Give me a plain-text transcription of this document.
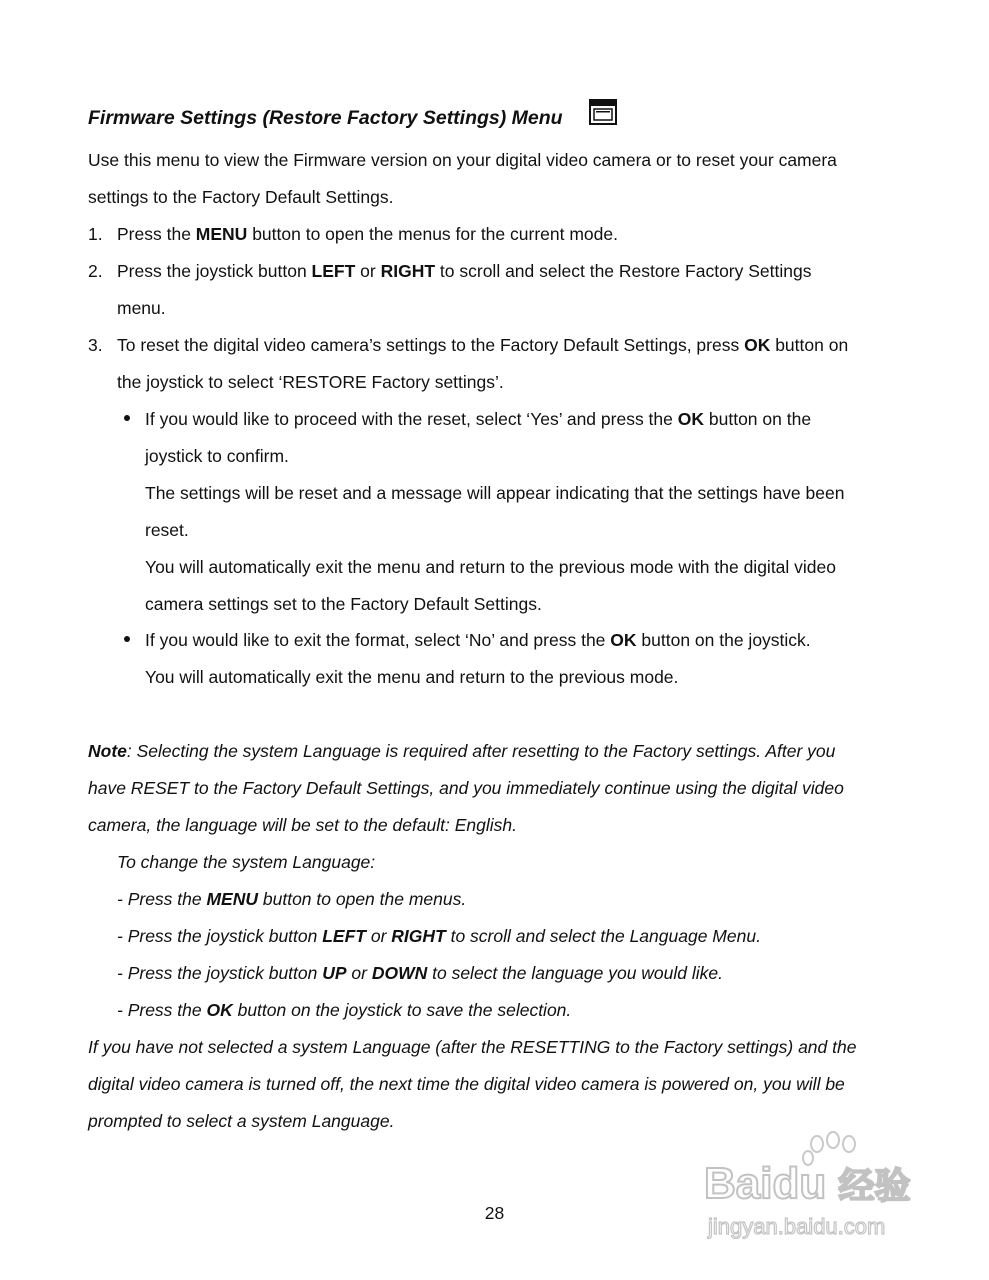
Firmware Settings (Restore Factory Settings) Menu
Use this menu to view the Firmware version on your digital video camera or to reset your camera
settings to the Factory Default Settings.
1. Press the MENU button to open the menus for the current mode.
2. Press the joystick button LEFT or RIGHT to scroll and select the Restore Factory Settings
menu.
3. To reset the digital video camera’s settings to the Factory Default Settings, press OK button on
the joystick to select ‘RESTORE Factory settings’.
If you would like to proceed with the reset, select ‘Yes’ and press the OK button on the
joystick to confirm.
The settings will be reset and a message will appear indicating that the settings have been
reset.
You will automatically exit the menu and return to the previous mode with the digital video
camera settings set to the Factory Default Settings.
If you would like to exit the format, select ‘No’ and press the OK button on the joystick.
You will automatically exit the menu and return to the previous mode.
Note: Selecting the system Language is required after resetting to the Factory settings. After you
have RESET to the Factory Default Settings, and you immediately continue using the digital video
camera, the language will be set to the default: English.
To change the system Language:
- Press the MENU button to open the menus.
- Press the joystick button LEFT or RIGHT to scroll and select the Language Menu.
- Press the joystick button UP or DOWN to select the language you would like.
- Press the OK button on the joystick to save the selection.
If you have not selected a system Language (after the RESETTING to the Factory settings) and the
digital video camera is turned off, the next time the digital video camera is powered on, you will be
prompted to select a system Language.
28
Baidu 经验
jingyan.baidu.com
